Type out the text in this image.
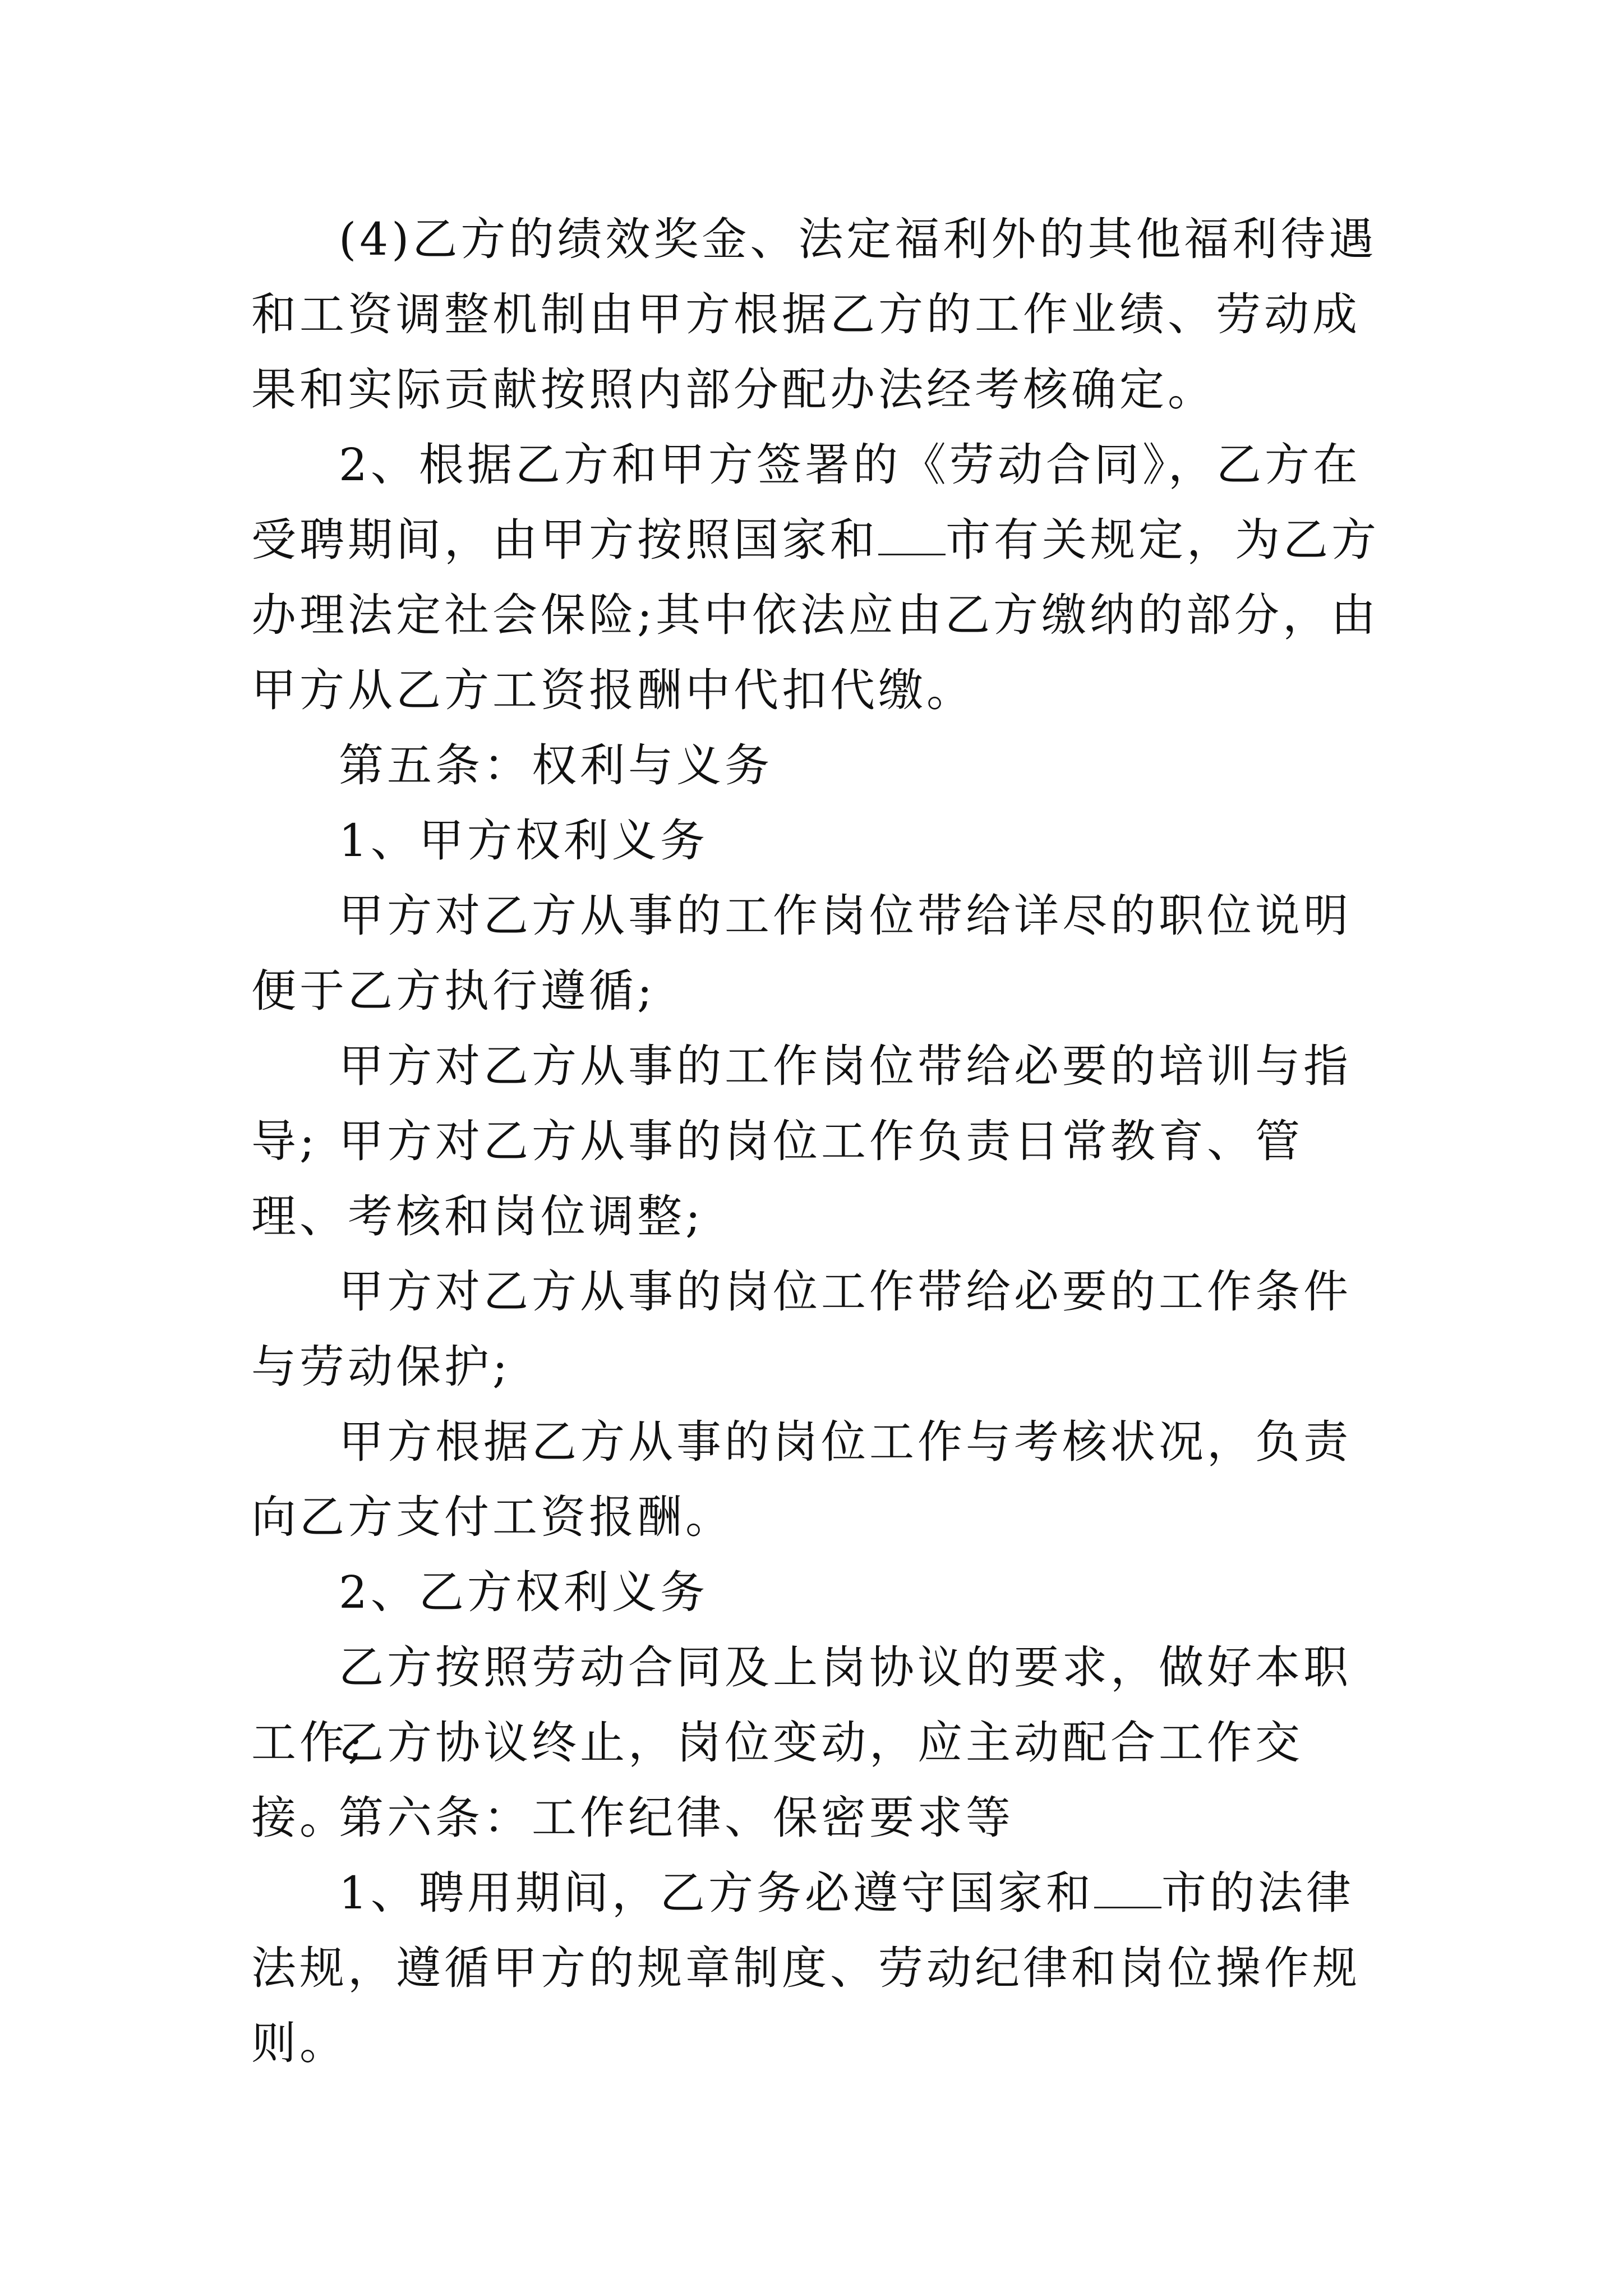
(4)乙方的绩效奖金、法定福利外的其他福利待遇和工资调整机制由甲方根据乙方的工作业绩、劳动成果和实际贡献按照内部分配办法经考核确定。

2、根据乙方和甲方签署的《劳动合同》，乙方在受聘期间，由甲方按照国家和 市有关规定，为乙方办理法定社会保险;其中依法应由乙方缴纳的部分，由甲方从乙方工资报酬中代扣代缴。

第五条：权利与义务

1、甲方权利义务

甲方对乙方从事的工作岗位带给详尽的职位说明便于乙方执行遵循;

甲方对乙方从事的工作岗位带给必要的培训与指导; 甲方对乙方从事的岗位工作负责日常教育、管理、考核和岗位调整;

甲方对乙方从事的岗位工作带给必要的工作条件与劳动保护;

甲方根据乙方从事的岗位工作与考核状况，负责向乙方支付工资报酬。

2、乙方权利义务

乙方按照劳动合同及上岗协议的要求，做好本职工作;

乙方协议终止，岗位变动，应主动配合工作交接。

第六条：工作纪律、保密要求等

1、聘用期间，乙方务必遵守国家和 市的法律法规，遵循甲方的规章制度、劳动纪律和岗位操作规则。
